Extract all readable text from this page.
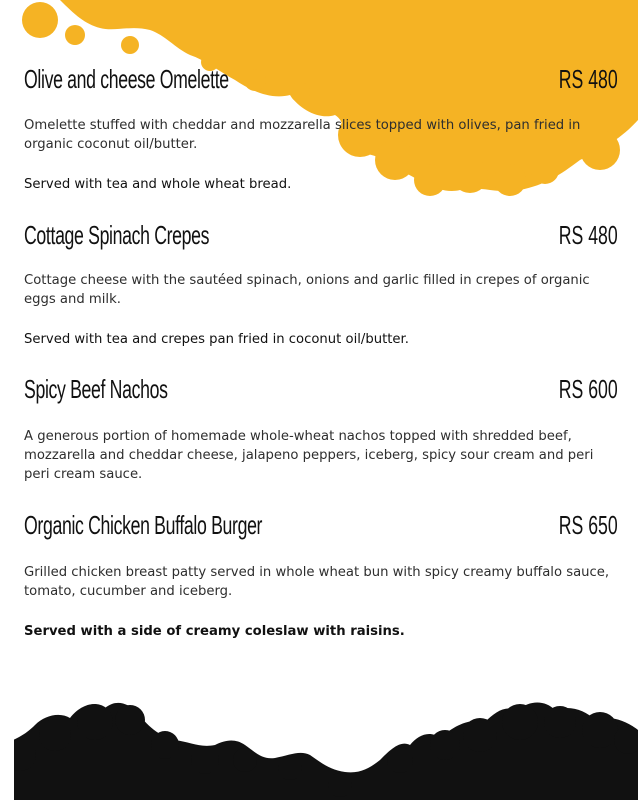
Olive and cheese Omelette	RS 480
Omelette stuffed with cheddar and mozzarella slices topped with olives, pan fried in organic coconut oil/butter.
Served with tea and whole wheat bread.
Cottage Spinach Crepes	RS 480
Cottage cheese with the sautéed spinach, onions and garlic filled in crepes of organic eggs and milk.
Served with tea and crepes pan fried in coconut oil/butter.
Spicy Beef Nachos	RS 600
A generous portion of homemade whole-wheat nachos topped with shredded beef, mozzarella and cheddar cheese, jalapeno peppers, iceberg, spicy sour cream and peri peri cream sauce.
Organic Chicken Buffalo Burger	RS 650
Grilled chicken breast patty served in whole wheat bun with spicy creamy buffalo sauce, tomato, cucumber and iceberg.
Served with a side of creamy coleslaw with raisins.
